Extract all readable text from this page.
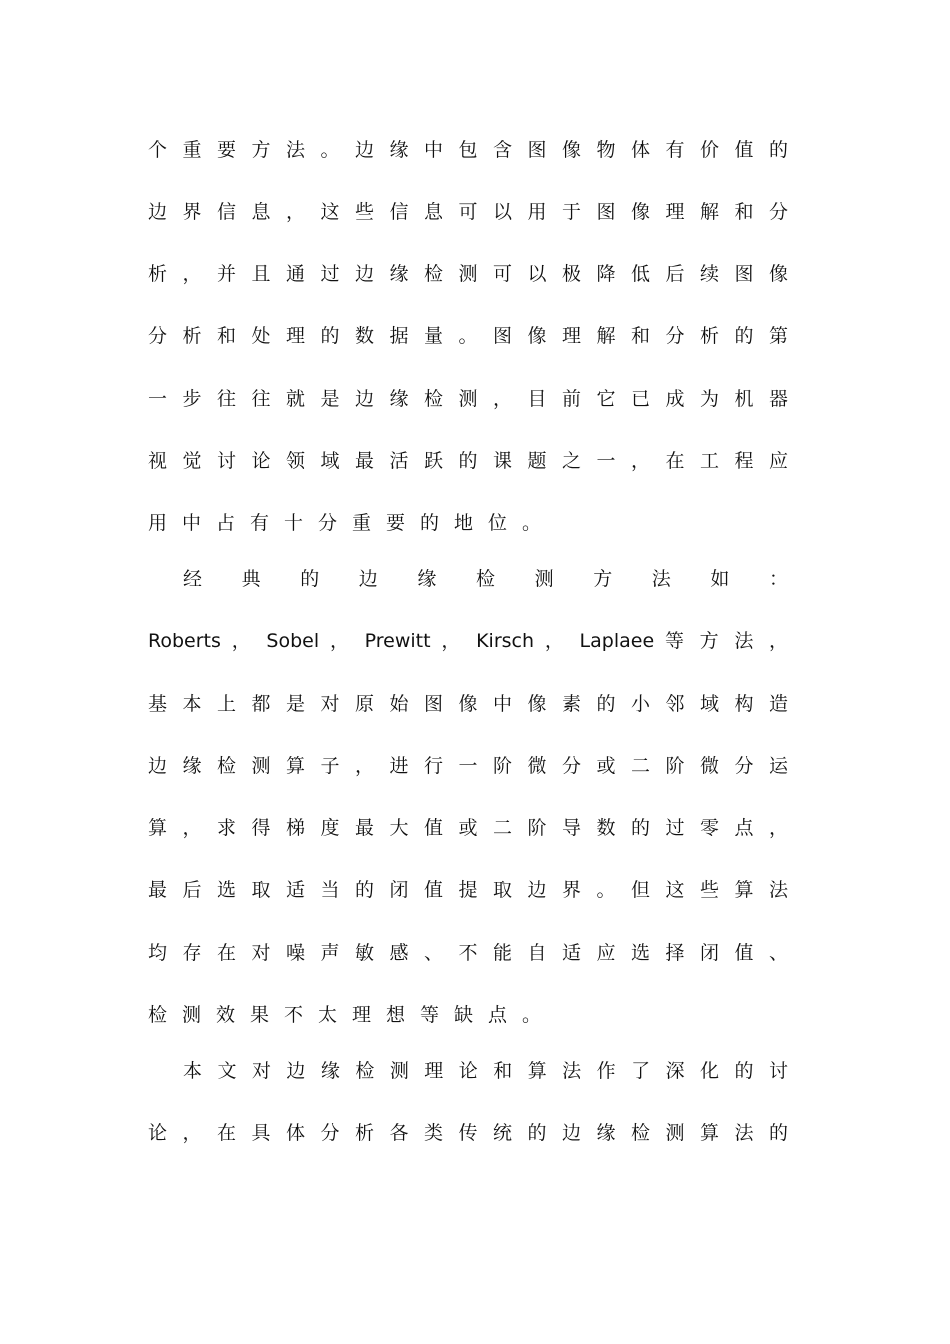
个 重 要 方 法 。 边 缘 中 包 含 图 像 物 体 有 价 值 的
边 界 信 息 ， 这 些 信 息 可 以 用 于 图 像 理 解 和 分
析 ， 并 且 通 过 边 缘 检 测 可 以 极 降 低 后 续 图 像
分 析 和 处 理 的 数 据 量 。 图 像 理 解 和 分 析 的 第
一 步 往 往 就 是 边 缘 检 测 ， 目 前 它 已 成 为 机 器
视 觉 讨 论 领 域 最 活 跃 的 课 题 之 一 ， 在 工 程 应
用中占有十分重要的地位。
经 典 的 边 缘 检 测 方 法 如 ：
Roberts ， Sobel ， Prewitt ， Kirsch ， Laplaee 等 方 法 ，
基 本 上 都 是 对 原 始 图 像 中 像 素 的 小 邻 域 构 造
边 缘 检 测 算 子 ， 进 行 一 阶 微 分 或 二 阶 微 分 运
算 ， 求 得 梯 度 最 大 值 或 二 阶 导 数 的 过 零 点 ，
最 后 选 取 适 当 的 闭 值 提 取 边 界 。 但 这 些 算 法
均 存 在 对 噪 声 敏 感 、 不 能 自 适 应 选 择 闭 值 、
检测效果不太理想等缺点。
本 文 对 边 缘 检 测 理 论 和 算 法 作 了 深 化 的 讨
论 ， 在 具 体 分 析 各 类 传 统 的 边 缘 检 测 算 法 的
